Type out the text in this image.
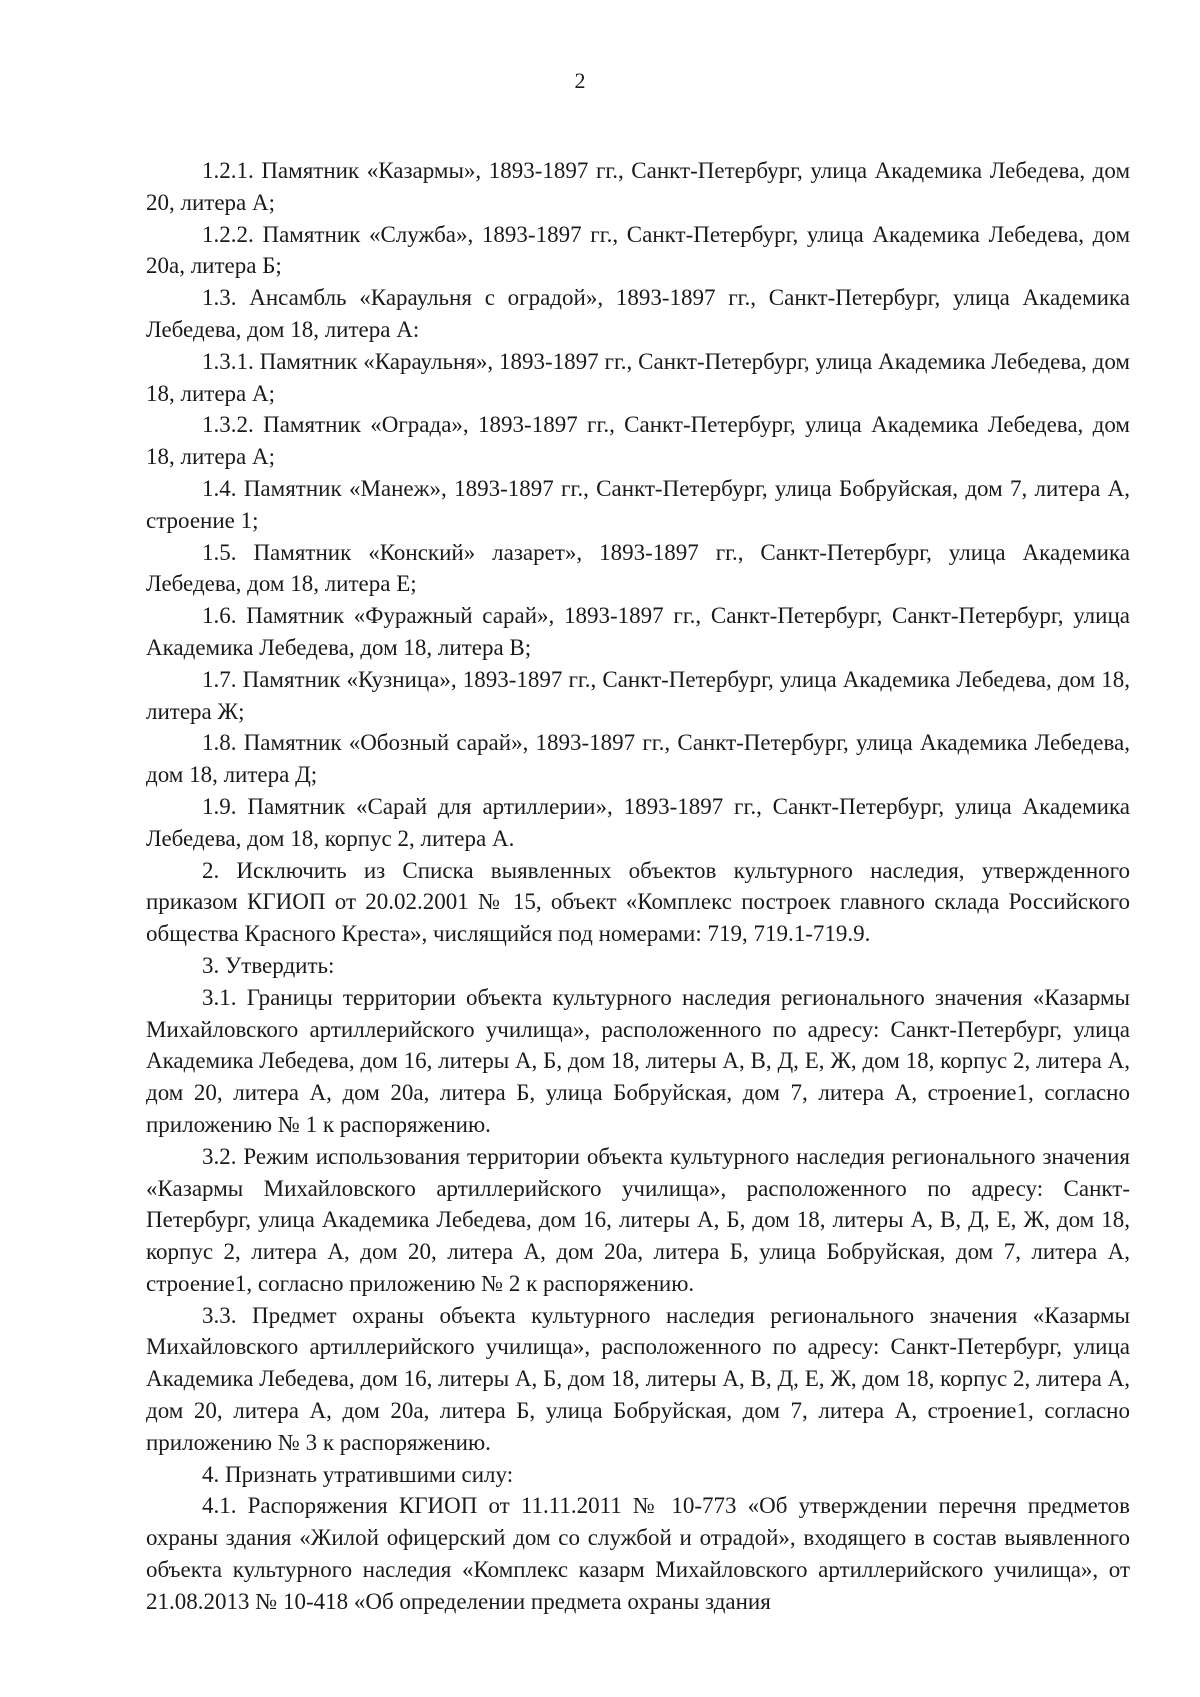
2

1.2.1. Памятник «Казармы», 1893-1897 гг., Санкт-Петербург, улица Академика Лебедева, дом 20, литера А;

1.2.2. Памятник «Служба», 1893-1897 гг., Санкт-Петербург, улица Академика Лебедева, дом 20а, литера Б;

1.3. Ансамбль «Караульня с оградой», 1893-1897 гг., Санкт-Петербург, улица Академика Лебедева, дом 18, литера А:

1.3.1. Памятник «Караульня», 1893-1897 гг., Санкт-Петербург, улица Академика Лебедева, дом 18, литера А;

1.3.2. Памятник «Ограда», 1893-1897 гг., Санкт-Петербург, улица Академика Лебедева, дом 18, литера А;

1.4. Памятник «Манеж», 1893-1897 гг., Санкт-Петербург, улица Бобруйская, дом 7, литера А, строение 1;

1.5. Памятник «Конский» лазарет», 1893-1897 гг., Санкт-Петербург, улица Академика Лебедева, дом 18, литера Е;

1.6. Памятник «Фуражный сарай», 1893-1897 гг., Санкт-Петербург, Санкт-Петербург, улица Академика Лебедева, дом 18, литера В;

1.7. Памятник «Кузница», 1893-1897 гг., Санкт-Петербург, улица Академика Лебедева, дом 18, литера Ж;

1.8. Памятник «Обозный сарай», 1893-1897 гг., Санкт-Петербург, улица Академика Лебедева, дом 18, литера Д;

1.9. Памятник «Сарай для артиллерии», 1893-1897 гг., Санкт-Петербург, улица Академика Лебедева, дом 18, корпус 2, литера А.

2. Исключить из Списка выявленных объектов культурного наследия, утвержденного приказом КГИОП от 20.02.2001 № 15, объект «Комплекс построек главного склада Российского общества Красного Креста», числящийся под номерами: 719, 719.1-719.9.

3. Утвердить:

3.1. Границы территории объекта культурного наследия регионального значения «Казармы Михайловского артиллерийского училища», расположенного по адресу: Санкт-Петербург, улица Академика Лебедева, дом 16, литеры А, Б, дом 18, литеры А, В, Д, Е, Ж, дом 18, корпус 2, литера А, дом 20, литера А, дом 20а, литера Б, улица Бобруйская, дом 7, литера А, строение1, согласно приложению № 1 к распоряжению.

3.2. Режим использования территории объекта культурного наследия регионального значения «Казармы Михайловского артиллерийского училища», расположенного по адресу: Санкт-Петербург, улица Академика Лебедева, дом 16, литеры А, Б, дом 18, литеры А, В, Д, Е, Ж, дом 18, корпус 2, литера А, дом 20, литера А, дом 20а, литера Б, улица Бобруйская, дом 7, литера А, строение1, согласно приложению № 2 к распоряжению.

3.3. Предмет охраны объекта культурного наследия регионального значения «Казармы Михайловского артиллерийского училища», расположенного по адресу: Санкт-Петербург, улица Академика Лебедева, дом 16, литеры А, Б, дом 18, литеры А, В, Д, Е, Ж, дом 18, корпус 2, литера А, дом 20, литера А, дом 20а, литера Б, улица Бобруйская, дом 7, литера А, строение1, согласно приложению № 3 к распоряжению.

4. Признать утратившими силу:

4.1. Распоряжения КГИОП от 11.11.2011 № 10-773 «Об утверждении перечня предметов охраны здания «Жилой офицерский дом со службой и отрадой», входящего в состав выявленного объекта культурного наследия «Комплекс казарм Михайловского артиллерийского училища», от 21.08.2013 № 10-418 «Об определении предмета охраны здания
